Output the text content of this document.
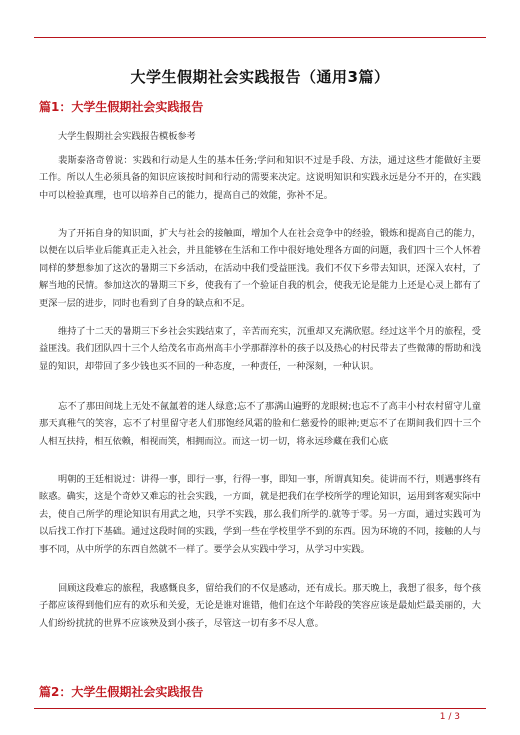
大学生假期社会实践报告（通用3篇）
篇1：大学生假期社会实践报告
大学生假期社会实践报告模板参考
裴斯泰洛奇曾说：实践和行动是人生的基本任务;学问和知识不过是手段、方法，通过这些才能做好主要工作。所以人生必须具备的知识应该按时间和行动的需要来决定。这说明知识和实践永远是分不开的，在实践中可以检验真理，也可以培养自己的能力，提高自己的效能，弥补不足。
为了开拓自身的知识面，扩大与社会的接触面，增加个人在社会竞争中的经验，锻炼和提高自己的能力，以便在以后毕业后能真正走入社会，并且能够在生活和工作中很好地处理各方面的问题，我们四十三个人怀着同样的梦想参加了这次的暑期三下乡活动，在活动中我们受益匪浅。我们不仅下乡带去知识，还深入农村，了解当地的民情。参加这次的暑期三下乡，使我有了一个验证自我的机会，使我无论是能力上还是心灵上都有了更深一层的进步，同时也看到了自身的缺点和不足。
维持了十二天的暑期三下乡社会实践结束了，辛苦而充实，沉重却又充满欣慰。经过这半个月的旅程，受益匪浅。我们团队四十三个人给茂名市高州高丰小学那群淳朴的孩子以及热心的村民带去了些微薄的帮助和浅显的知识，却带回了多少钱也买不回的一种态度，一种责任，一种深刻，一种认识。
忘不了那田间垅上无处不氤氲着的迷人绿意;忘不了那满山遍野的龙眼树;也忘不了高丰小村农村留守儿童那天真稚气的笑容，忘不了村里留守老人们那饱经风霜的脸和仁慈爱怜的眼神;更忘不了在期间我们四十三个人相互扶持，相互依赖，相视而笑，相拥而泣。而这一切一切，将永远珍藏在我们心底
明朝的王廷相说过：讲得一事，即行一事，行得一事，即知一事，所谓真知矣。徒讲而不行，则遇事终有眩惑。确实，这是个奇妙又难忘的社会实践，一方面，就是把我们在学校所学的理论知识，运用到客观实际中去，使自己所学的理论知识有用武之地，只学不实践，那么我们所学的.就等于零。另一方面，通过实践可为以后找工作打下基础。通过这段时间的实践，学到一些在学校里学不到的东西。因为环境的不同，接触的人与事不同，从中所学的东西自然就不一样了。要学会从实践中学习，从学习中实践。
回顾这段难忘的旅程，我感慨良多，留给我们的不仅是感动，还有成长。那天晚上，我想了很多，每个孩子都应该得到他们应有的欢乐和关爱，无论是谁对谁错，他们在这个年龄段的笑容应该是最灿烂最美丽的，大人们纷纷扰扰的世界不应该殃及到小孩子，尽管这一切有多不尽人意。
篇2：大学生假期社会实践报告
1 / 3
